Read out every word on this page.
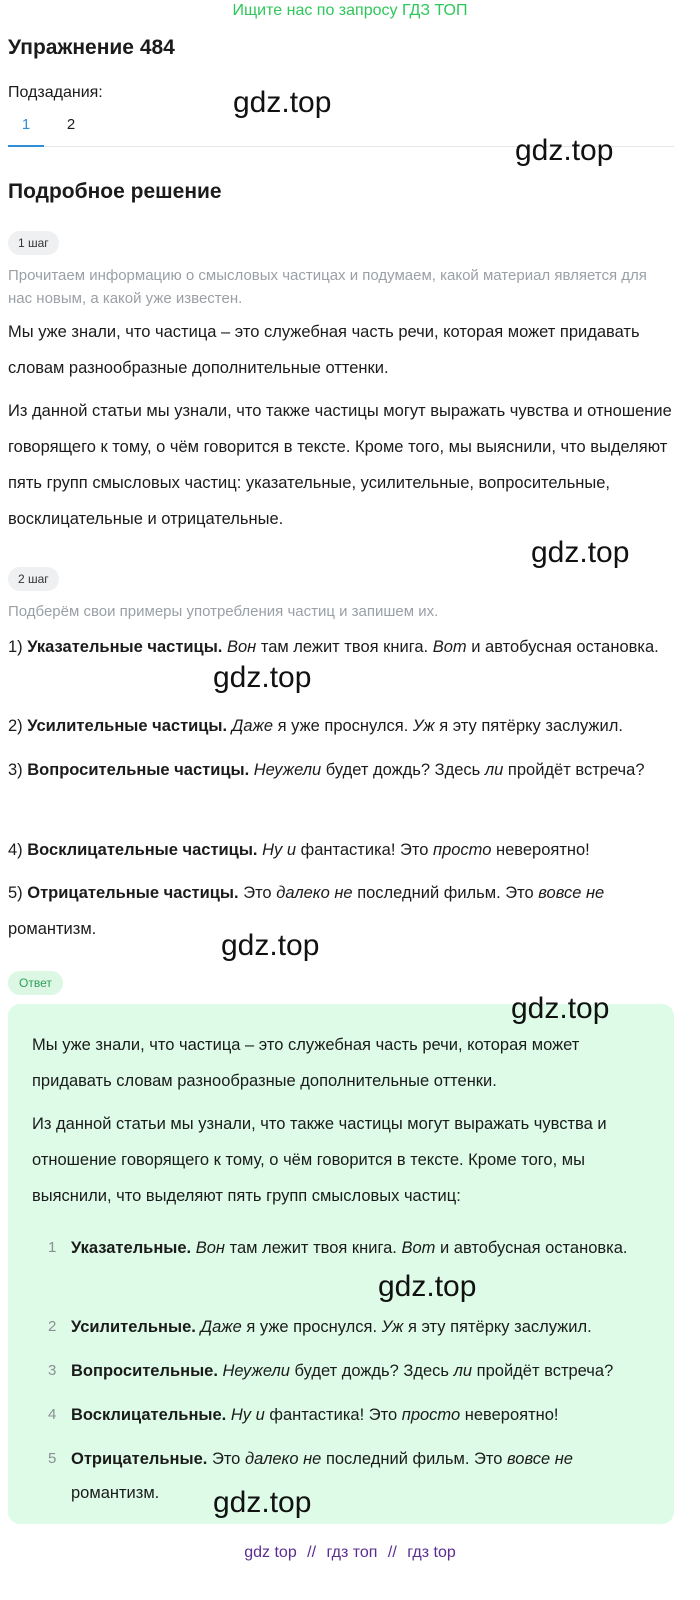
Ищите нас по запросу ГДЗ ТОП
Упражнение 484
Подзадания:
1	2
Подробное решение
1 шаг

Прочитаем информацию о смысловых частицах и подумаем, какой материал является для нас новым, а какой уже известен.

Мы уже знали, что частица – это служебная часть речи, которая может придавать словам разнообразные дополнительные оттенки.

Из данной статьи мы узнали, что также частицы могут выражать чувства и отношение говорящего к тому, о чём говорится в тексте. Кроме того, мы выяснили, что выделяют пять групп смысловых частиц: указательные, усилительные, вопросительные, восклицательные и отрицательные.

2 шаг

Подберём свои примеры употребления частиц и запишем их.

1) Указательные частицы. Вон там лежит твоя книга. Вот и автобусная остановка.

2) Усилительные частицы. Даже я уже проснулся. Уж я эту пятёрку заслужил.

3) Вопросительные частицы. Неужели будет дождь? Здесь ли пройдёт встреча?

4) Восклицательные частицы. Ну и фантастика! Это просто невероятно!

5) Отрицательные частицы. Это далеко не последний фильм. Это вовсе не романтизм.

Ответ

Мы уже знали, что частица – это служебная часть речи, которая может придавать словам разнообразные дополнительные оттенки.

Из данной статьи мы узнали, что также частицы могут выражать чувства и отношение говорящего к тому, о чём говорится в тексте. Кроме того, мы выяснили, что выделяют пять групп смысловых частиц:

1 Указательные. Вон там лежит твоя книга. Вот и автобусная остановка.
2 Усилительные. Даже я уже проснулся. Уж я эту пятёрку заслужил.
3 Вопросительные. Неужели будет дождь? Здесь ли пройдёт встреча?
4 Восклицательные. Ну и фантастика! Это просто невероятно!
5 Отрицательные. Это далеко не последний фильм. Это вовсе не романтизм.
gdz.top
gdz.top
gdz.top
gdz.top
gdz.top
gdz.top
gdz.top
gdz.top
gdz top // гдз топ // гдз top
